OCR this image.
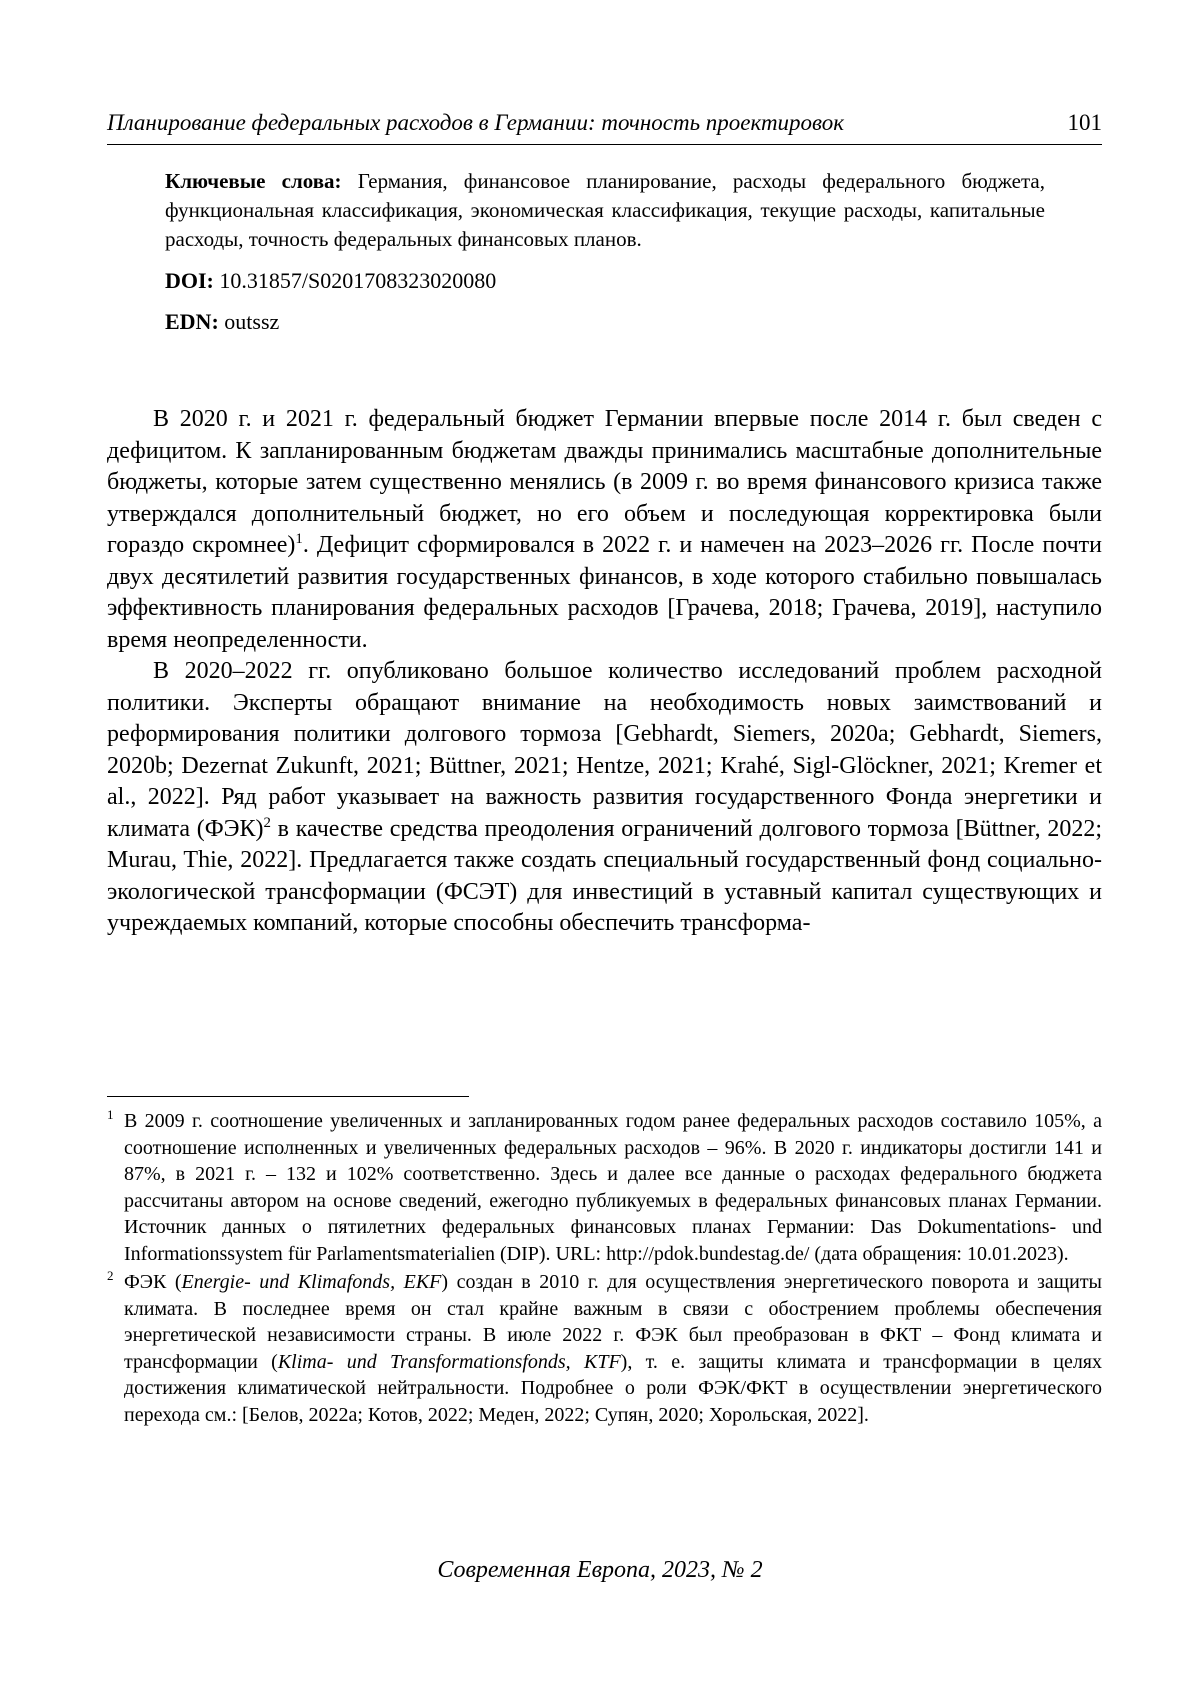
Планирование федеральных расходов в Германии: точность проектировок	101

Ключевые слова: Германия, финансовое планирование, расходы федерального бюджета, функциональная классификация, экономическая классификация, текущие расходы, капитальные расходы, точность федеральных финансовых планов.

DOI: 10.31857/S0201708323020080

EDN: outssz

В 2020 г. и 2021 г. федеральный бюджет Германии впервые после 2014 г. был сведен с дефицитом. К запланированным бюджетам дважды принимались масштабные дополнительные бюджеты, которые затем существенно менялись (в 2009 г. во время финансового кризиса также утверждался дополнительный бюджет, но его объем и последующая корректировка были гораздо скромнее)$^1$. Дефицит сформировался в 2022 г. и намечен на 2023–2026 гг. После почти двух десятилетий развития государственных финансов, в ходе которого стабильно повышалась эффективность планирования федеральных расходов [Грачева, 2018; Грачева, 2019], наступило время неопределенности.

В 2020–2022 гг. опубликовано большое количество исследований проблем расходной политики. Эксперты обращают внимание на необходимость новых заимствований и реформирования политики долгового тормоза [Gebhardt, Siemers, 2020a; Gebhardt, Siemers, 2020b; Dezernat Zukunft, 2021; Büttner, 2021; Hentze, 2021; Krahé, Sigl-Glöckner, 2021; Kremer et al., 2022]. Ряд работ указывает на важность развития государственного Фонда энергетики и климата (ФЭК)$^2$ в качестве средства преодоления ограничений долгового тормоза [Büttner, 2022; Murau, Thie, 2022]. Предлагается также создать специальный государственный фонд социально-экологической трансформации (ФСЭТ) для инвестиций в уставный капитал существующих и учреждаемых компаний, которые способны обеспечить трансформа-

1 В 2009 г. соотношение увеличенных и запланированных годом ранее федеральных расходов составило 105%, а соотношение исполненных и увеличенных федеральных расходов – 96%. В 2020 г. индикаторы достигли 141 и 87%, в 2021 г. – 132 и 102% соответственно. Здесь и далее все данные о расходах федерального бюджета рассчитаны автором на основе сведений, ежегодно публикуемых в федеральных финансовых планах Германии. Источник данных о пятилетних федеральных финансовых планах Германии: Das Dokumentations- und Informationssystem für Parlamentsmaterialien (DIP). URL: http://pdok.bundestag.de/ (дата обращения: 10.01.2023).
2 ФЭК (Energie- und Klimafonds, EKF) создан в 2010 г. для осуществления энергетического поворота и защиты климата. В последнее время он стал крайне важным в связи с обострением проблемы обеспечения энергетической независимости страны. В июле 2022 г. ФЭК был преобразован в ФКТ – Фонд климата и трансформации (Klima- und Transformationsfonds, KTF), т. е. защиты климата и трансформации в целях достижения климатической нейтральности. Подробнее о роли ФЭК/ФКТ в осуществлении энергетического перехода см.: [Белов, 2022a; Котов, 2022; Меден, 2022; Супян, 2020; Хорольская, 2022].
Современная Европа, 2023, № 2
